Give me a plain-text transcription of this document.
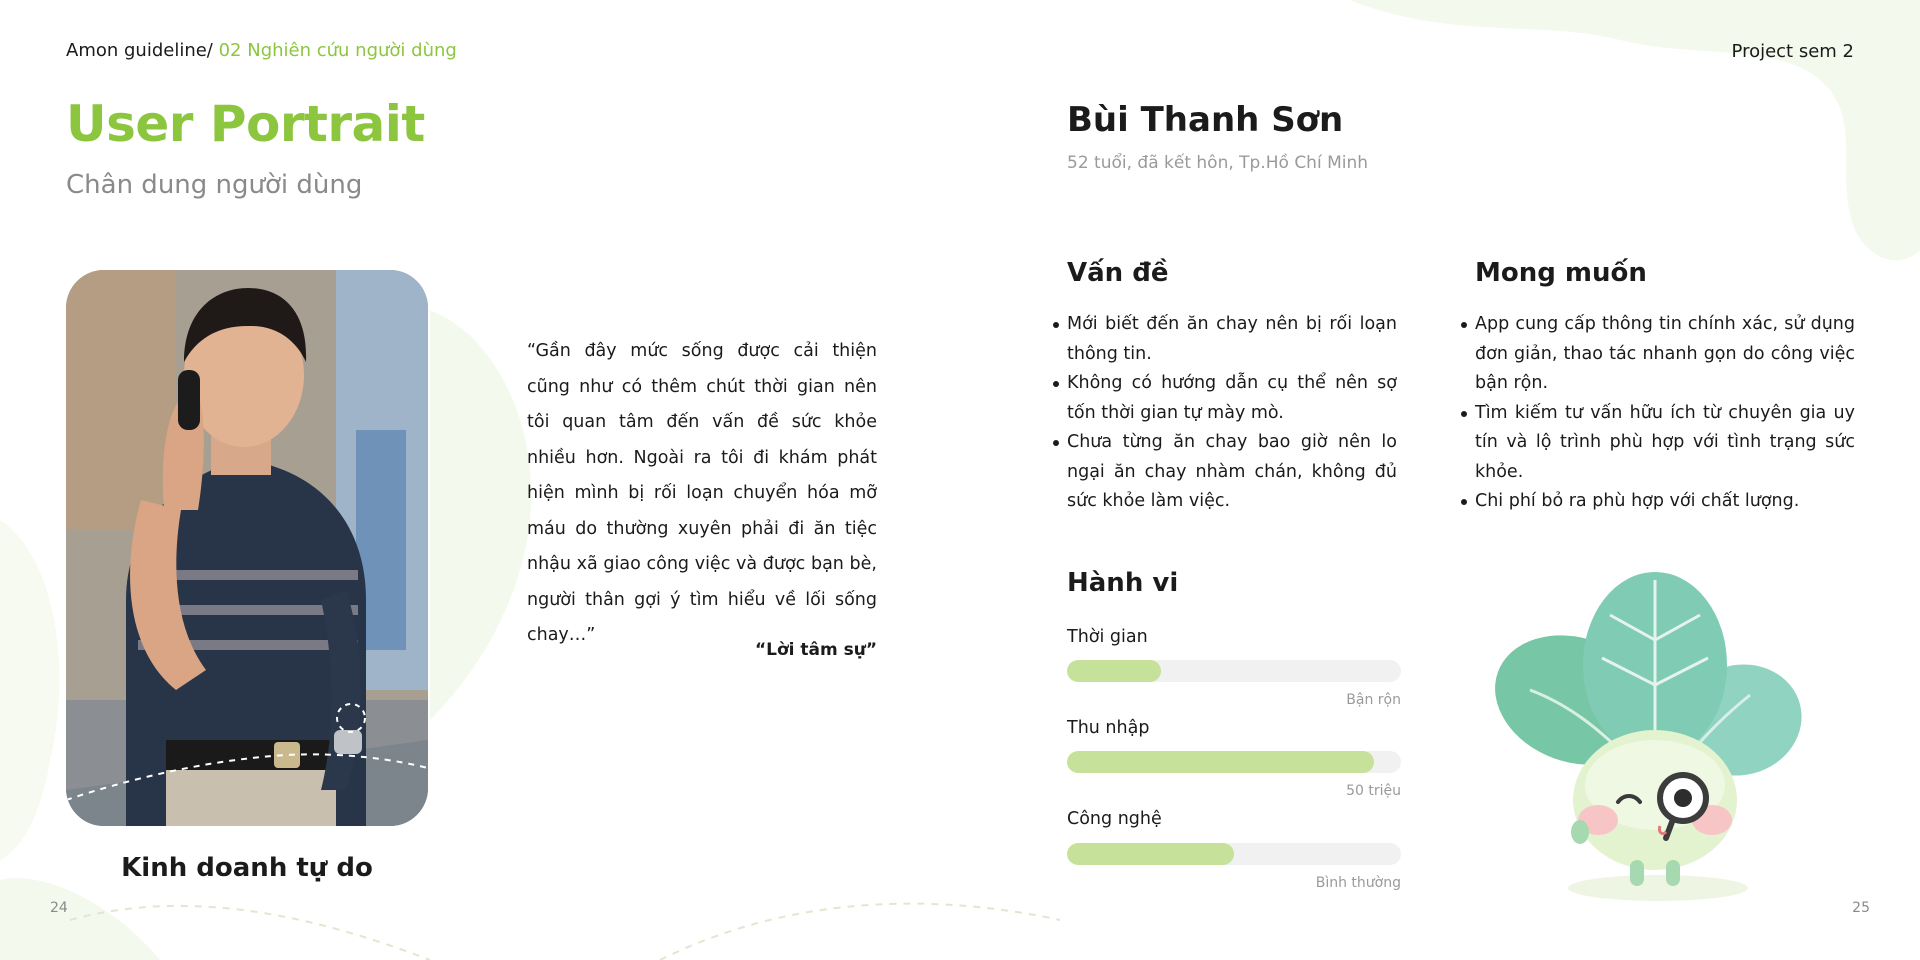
Amon guideline/ 02 Nghiên cứu người dùng	Project sem 2
User Portrait
Chân dung người dùng
Kinh doanh tự do

“Gần đây mức sống được cải thiện cũng như có thêm chút thời gian nên tôi quan tâm đến vấn đề sức khỏe nhiều hơn. Ngoài ra tôi đi khám phát hiện mình bị rối loạn chuyển hóa mỡ máu do thường xuyên phải đi ăn tiệc nhậu xã giao công việc và được bạn bè, người thân gợi ý tìm hiểu về lối sống chay…”

“Lời tâm sự”
Bùi Thanh Sơn
52 tuổi, đã kết hôn, Tp.Hồ Chí Minh
Vấn đề
Mới biết đến ăn chay nên bị rối loạn thông tin.
Không có hướng dẫn cụ thể nên sợ tốn thời gian tự mày mò.
Chưa từng ăn chay bao giờ nên lo ngại ăn chay nhàm chán, không đủ sức khỏe làm việc.
Mong muốn
App cung cấp thông tin chính xác, sử dụng đơn giản, thao tác nhanh gọn do công việc bận rộn.
Tìm kiếm tư vấn hữu ích từ chuyên gia uy tín và lộ trình phù hợp với tình trạng sức khỏe.
Chi phí bỏ ra phù hợp với chất lượng.
Hành vi
Thời gian
Bận rộn
Thu nhập
50 triệu
Công nghệ
Bình thường
24	25
